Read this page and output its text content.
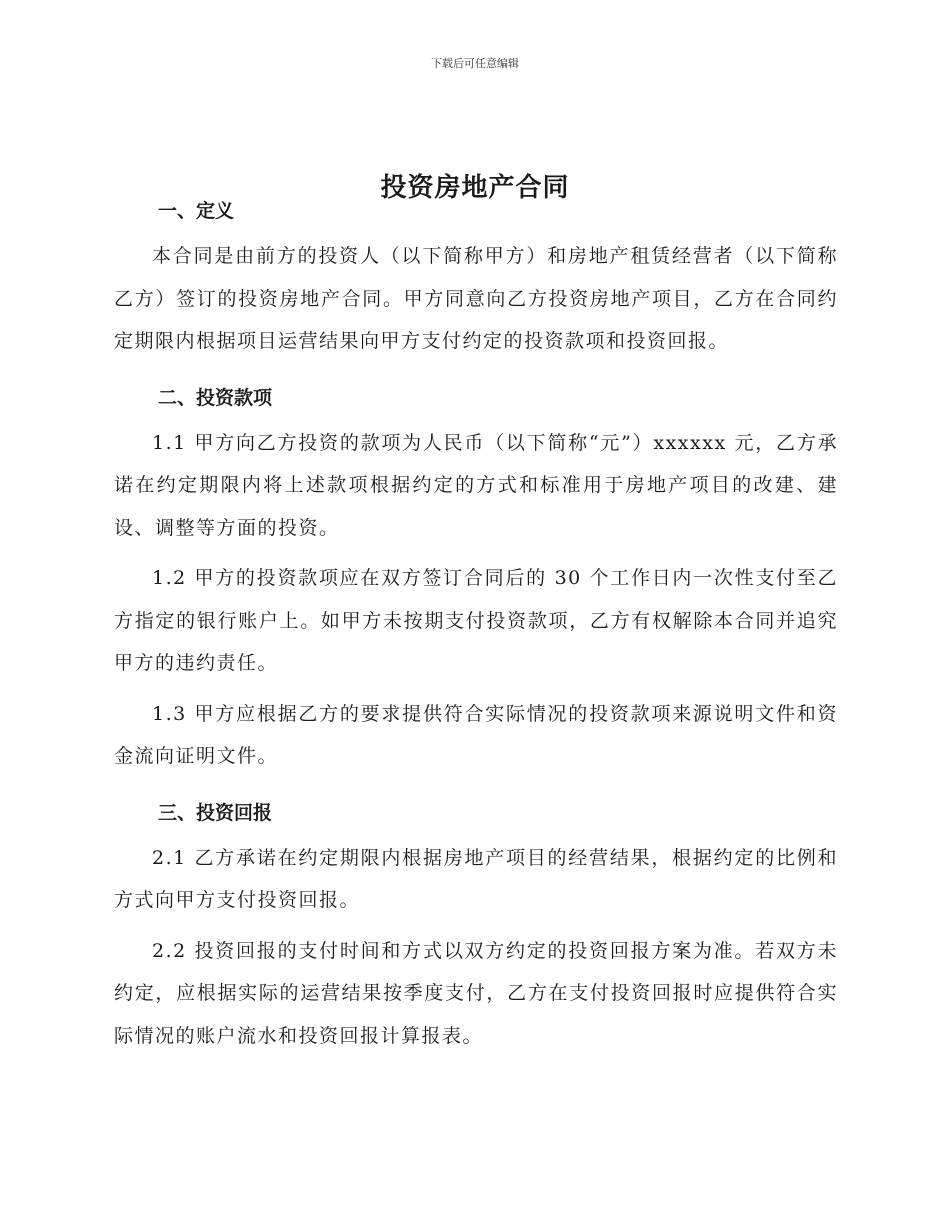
下载后可任意编辑
投资房地产合同
一、定义

本合同是由前方的投资人（以下简称甲方）和房地产租赁经营者（以下简称乙方）签订的投资房地产合同。甲方同意向乙方投资房地产项目，乙方在合同约定期限内根据项目运营结果向甲方支付约定的投资款项和投资回报。

二、投资款项

1.1 甲方向乙方投资的款项为人民币（以下简称“元”）xxxxxx 元，乙方承诺在约定期限内将上述款项根据约定的方式和标准用于房地产项目的改建、建设、调整等方面的投资。

1.2 甲方的投资款项应在双方签订合同后的 30 个工作日内一次性支付至乙方指定的银行账户上。如甲方未按期支付投资款项，乙方有权解除本合同并追究甲方的违约责任。

1.3 甲方应根据乙方的要求提供符合实际情况的投资款项来源说明文件和资金流向证明文件。

三、投资回报

2.1 乙方承诺在约定期限内根据房地产项目的经营结果，根据约定的比例和方式向甲方支付投资回报。

2.2 投资回报的支付时间和方式以双方约定的投资回报方案为准。若双方未约定，应根据实际的运营结果按季度支付，乙方在支付投资回报时应提供符合实际情况的账户流水和投资回报计算报表。
